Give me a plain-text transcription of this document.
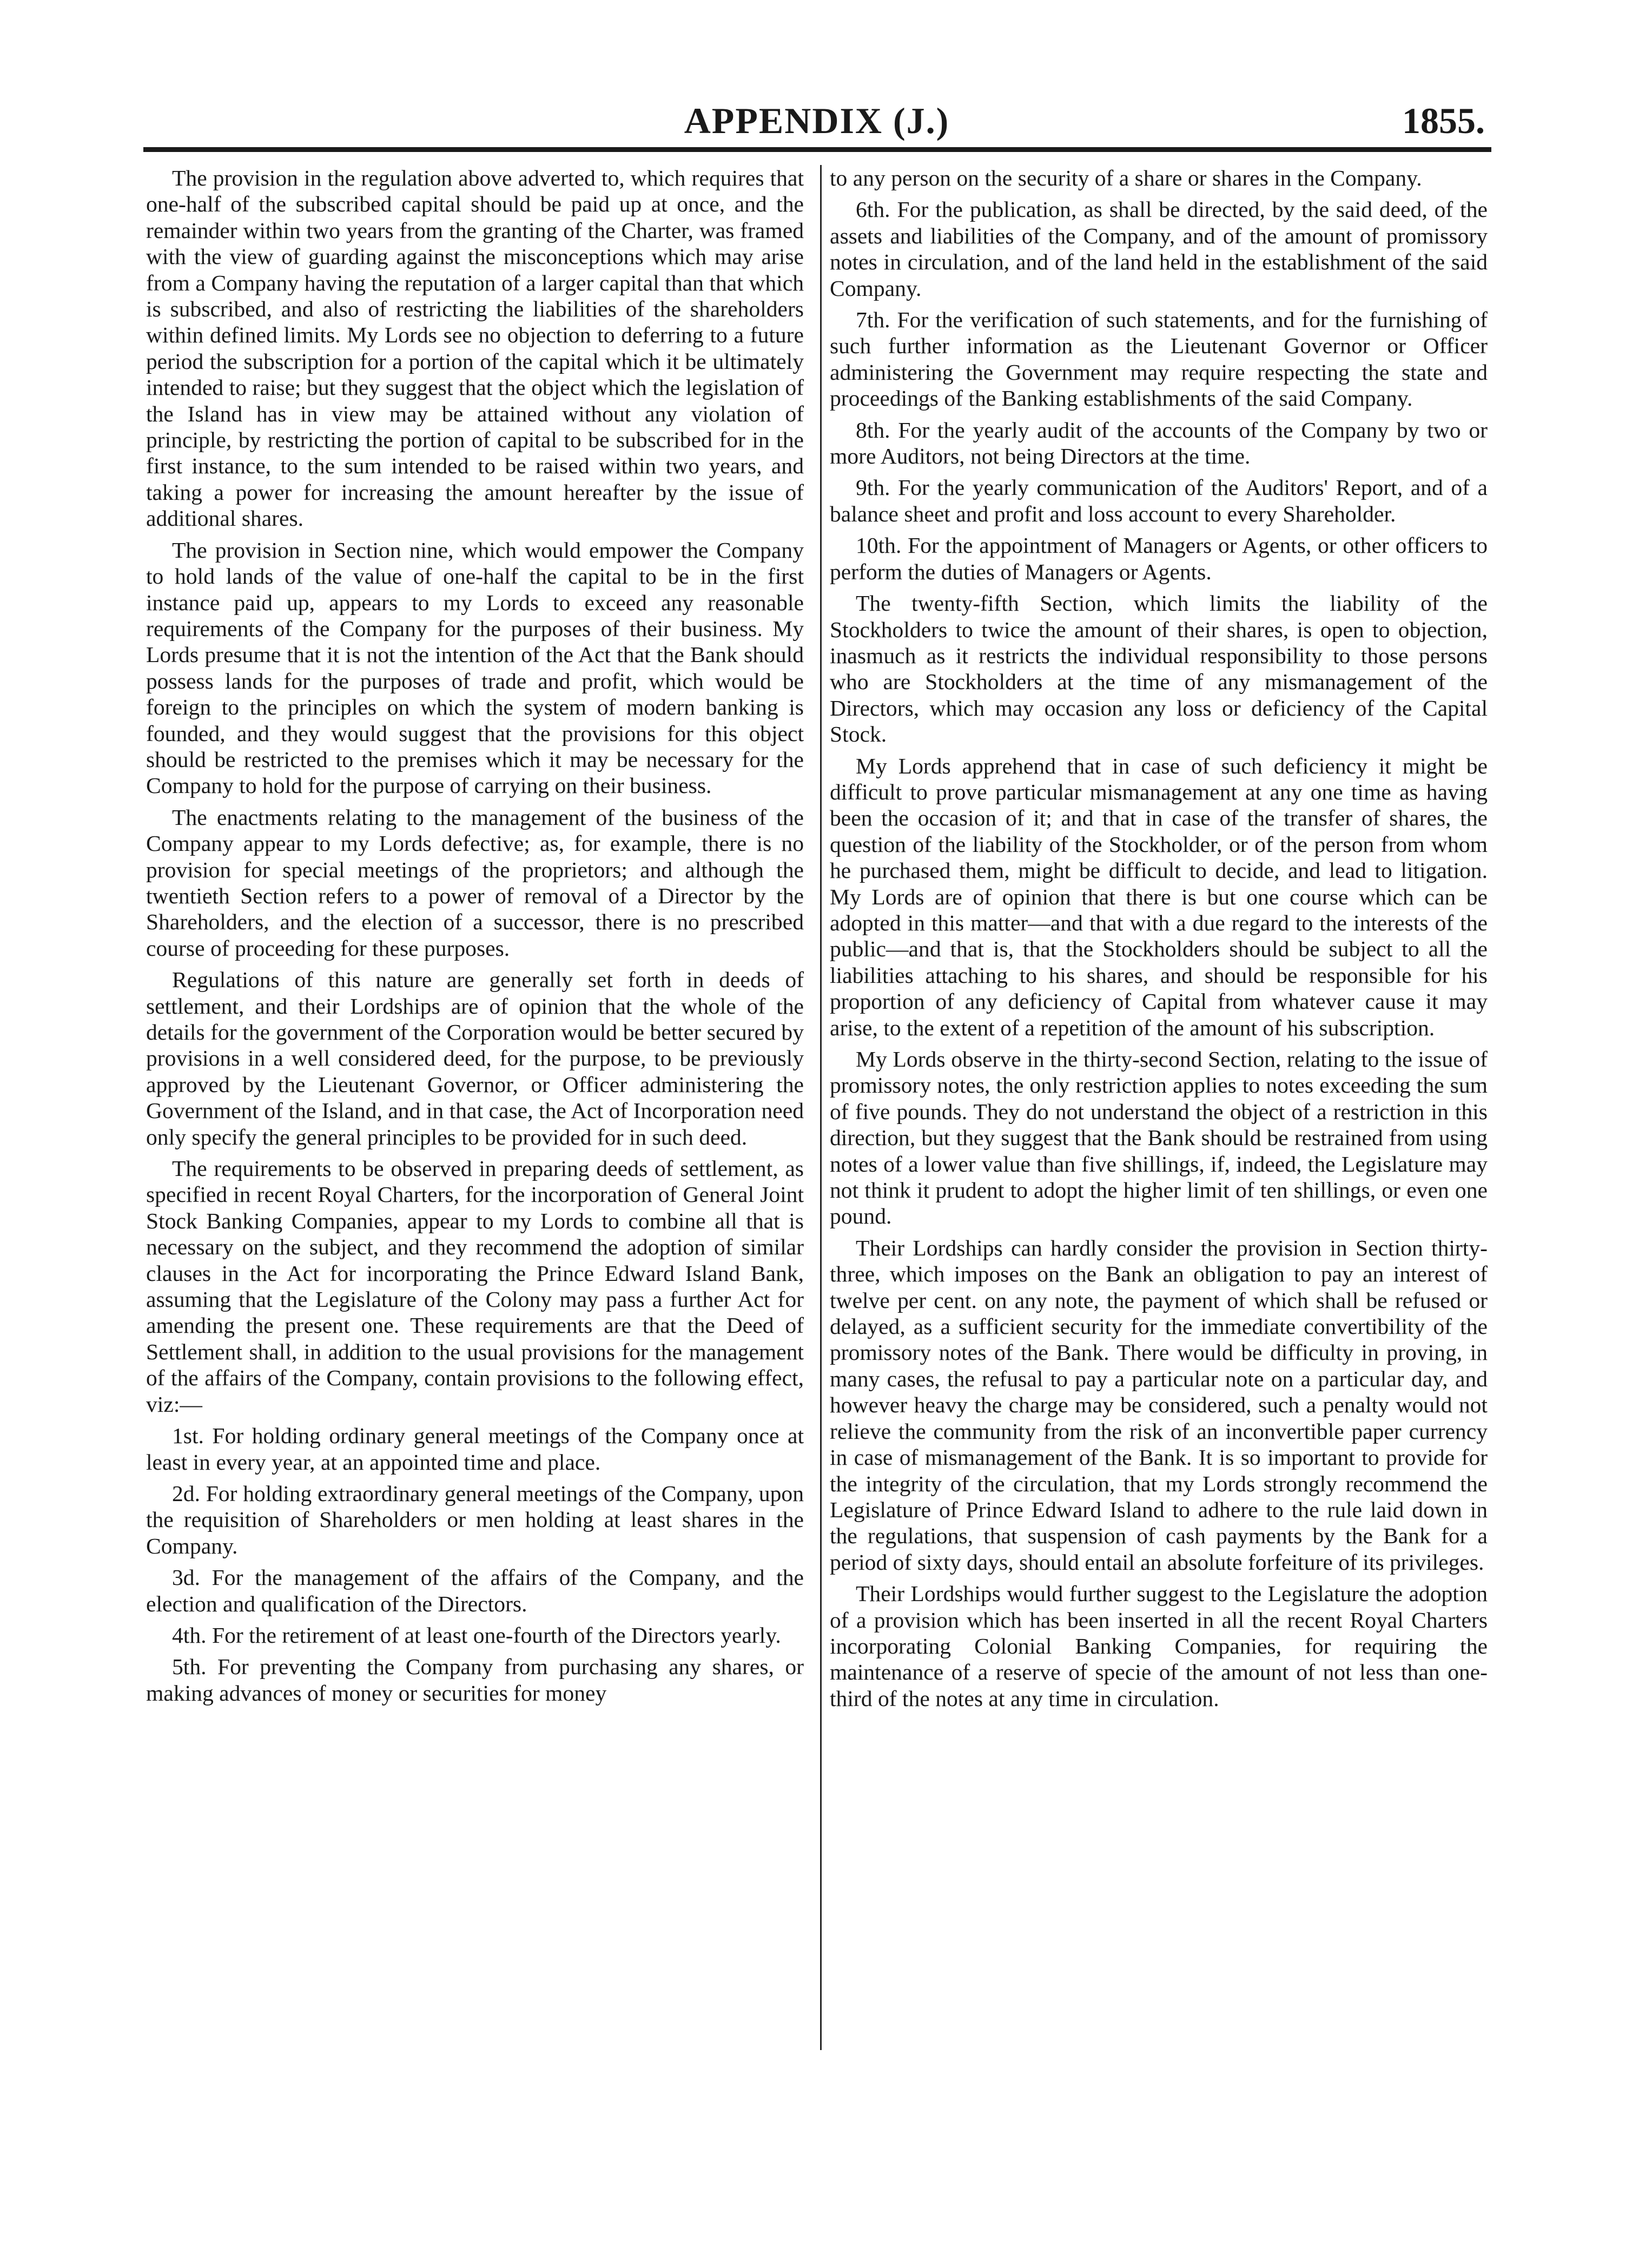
APPENDIX (J.)	1855.

The provision in the regulation above adverted to, which requires that one-half of the subscribed capital should be paid up at once, and the remainder within two years from the granting of the Charter, was framed with the view of guarding against the misconceptions which may arise from a Company having the reputation of a larger capital than that which is subscribed, and also of restricting the liabilities of the shareholders within defined limits. My Lords see no objection to deferring to a future period the subscription for a portion of the capital which it be ultimately intended to raise; but they suggest that the object which the legislation of the Island has in view may be attained without any violation of principle, by restricting the portion of capital to be subscribed for in the first instance, to the sum intended to be raised within two years, and taking a power for increasing the amount hereafter by the issue of additional shares.

The provision in Section nine, which would empower the Company to hold lands of the value of one-half the capital to be in the first instance paid up, appears to my Lords to exceed any reasonable requirements of the Company for the purposes of their business. My Lords presume that it is not the intention of the Act that the Bank should possess lands for the purposes of trade and profit, which would be foreign to the principles on which the system of modern banking is founded, and they would suggest that the provisions for this object should be restricted to the premises which it may be necessary for the Company to hold for the purpose of carrying on their business.

The enactments relating to the management of the business of the Company appear to my Lords defective; as, for example, there is no provision for special meetings of the proprietors; and although the twentieth Section refers to a power of removal of a Director by the Shareholders, and the election of a successor, there is no prescribed course of proceeding for these purposes.

Regulations of this nature are generally set forth in deeds of settlement, and their Lordships are of opinion that the whole of the details for the government of the Corporation would be better secured by provisions in a well considered deed, for the purpose, to be previously approved by the Lieutenant Governor, or Officer administering the Government of the Island, and in that case, the Act of Incorporation need only specify the general principles to be provided for in such deed.

The requirements to be observed in preparing deeds of settlement, as specified in recent Royal Charters, for the incorporation of General Joint Stock Banking Companies, appear to my Lords to combine all that is necessary on the subject, and they recommend the adoption of similar clauses in the Act for incorporating the Prince Edward Island Bank, assuming that the Legislature of the Colony may pass a further Act for amending the present one. These requirements are that the Deed of Settlement shall, in addition to the usual provisions for the management of the affairs of the Company, contain provisions to the following effect, viz:—

1st. For holding ordinary general meetings of the Company once at least in every year, at an appointed time and place.

2d. For holding extraordinary general meetings of the Company, upon the requisition of Shareholders or men holding at least shares in the Company.

3d. For the management of the affairs of the Company, and the election and qualification of the Directors.

4th. For the retirement of at least one-fourth of the Directors yearly.

5th. For preventing the Company from purchasing any shares, or making advances of money or securities for money

to any person on the security of a share or shares in the Company.

6th. For the publication, as shall be directed, by the said deed, of the assets and liabilities of the Company, and of the amount of promissory notes in circulation, and of the land held in the establishment of the said Company.

7th. For the verification of such statements, and for the furnishing of such further information as the Lieutenant Governor or Officer administering the Government may require respecting the state and proceedings of the Banking establishments of the said Company.

8th. For the yearly audit of the accounts of the Company by two or more Auditors, not being Directors at the time.

9th. For the yearly communication of the Auditors' Report, and of a balance sheet and profit and loss account to every Shareholder.

10th. For the appointment of Managers or Agents, or other officers to perform the duties of Managers or Agents.

The twenty-fifth Section, which limits the liability of the Stockholders to twice the amount of their shares, is open to objection, inasmuch as it restricts the individual responsibility to those persons who are Stockholders at the time of any mismanagement of the Directors, which may occasion any loss or deficiency of the Capital Stock.

My Lords apprehend that in case of such deficiency it might be difficult to prove particular mismanagement at any one time as having been the occasion of it; and that in case of the transfer of shares, the question of the liability of the Stockholder, or of the person from whom he purchased them, might be difficult to decide, and lead to litigation. My Lords are of opinion that there is but one course which can be adopted in this matter—and that with a due regard to the interests of the public—and that is, that the Stockholders should be subject to all the liabilities attaching to his shares, and should be responsible for his proportion of any deficiency of Capital from whatever cause it may arise, to the extent of a repetition of the amount of his subscription.

My Lords observe in the thirty-second Section, relating to the issue of promissory notes, the only restriction applies to notes exceeding the sum of five pounds. They do not understand the object of a restriction in this direction, but they suggest that the Bank should be restrained from using notes of a lower value than five shillings, if, indeed, the Legislature may not think it prudent to adopt the higher limit of ten shillings, or even one pound.

Their Lordships can hardly consider the provision in Section thirty-three, which imposes on the Bank an obligation to pay an interest of twelve per cent. on any note, the payment of which shall be refused or delayed, as a sufficient security for the immediate convertibility of the promissory notes of the Bank. There would be difficulty in proving, in many cases, the refusal to pay a particular note on a particular day, and however heavy the charge may be considered, such a penalty would not relieve the community from the risk of an inconvertible paper currency in case of mismanagement of the Bank. It is so important to provide for the integrity of the circulation, that my Lords strongly recommend the Legislature of Prince Edward Island to adhere to the rule laid down in the regulations, that suspension of cash payments by the Bank for a period of sixty days, should entail an absolute forfeiture of its privileges.

Their Lordships would further suggest to the Legislature the adoption of a provision which has been inserted in all the recent Royal Charters incorporating Colonial Banking Companies, for requiring the maintenance of a reserve of specie of the amount of not less than one-third of the notes at any time in circulation.
